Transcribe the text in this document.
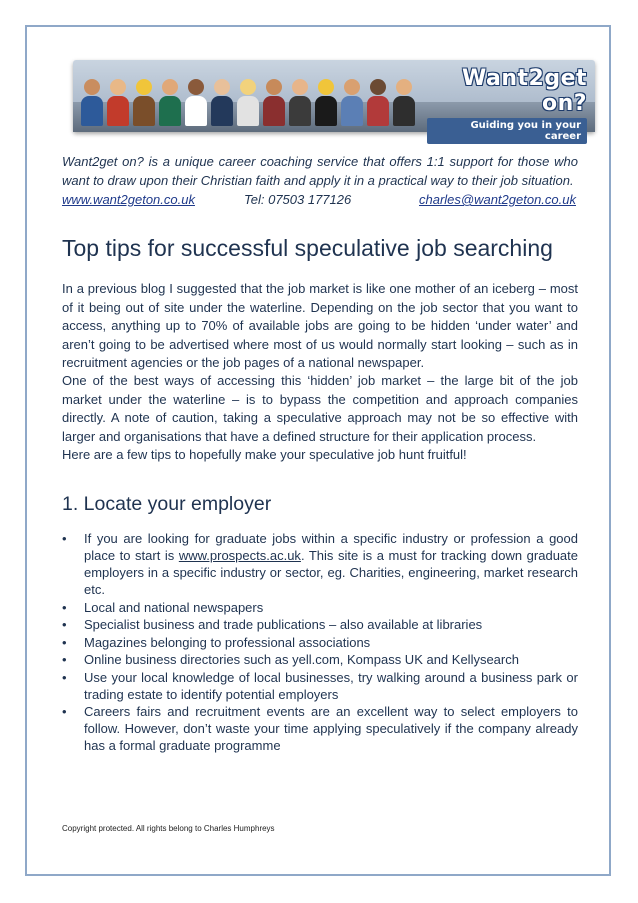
Want2get on?
Guiding you in your career
Want2get on? is a unique career coaching service that offers 1:1 support for those who want to draw upon their Christian faith and apply it in a practical way to their job situation.
www.want2geton.co.uk	Tel: 07503 177126	charles@want2geton.co.uk
Top tips for successful speculative job searching

In a previous blog I suggested that the job market is like one mother of an iceberg – most of it being out of site under the waterline. Depending on the job sector that you want to access, anything up to 70% of available jobs are going to be hidden ‘under water’ and aren’t going to be advertised where most of us would normally start looking – such as in recruitment agencies or the job pages of a national newspaper.

One of the best ways of accessing this ‘hidden’ job market – the large bit of the job market under the waterline – is to bypass the competition and approach companies directly. A note of caution, taking a speculative approach may not be so effective with larger and organisations that have a defined structure for their application process.

Here are a few tips to hopefully make your speculative job hunt fruitful!

1. Locate your employer
• If you are looking for graduate jobs within a specific industry or profession a good place to start is www.prospects.ac.uk. This site is a must for tracking down graduate employers in a specific industry or sector, eg. Charities, engineering, market research etc.
• Local and national newspapers
• Specialist business and trade publications – also available at libraries
• Magazines belonging to professional associations
• Online business directories such as yell.com, Kompass UK and Kellysearch
• Use your local knowledge of local businesses, try walking around a business park or trading estate to identify potential employers
• Careers fairs and recruitment events are an excellent way to select employers to follow. However, don’t waste your time applying speculatively if the company already has a formal graduate programme
Copyright protected. All rights belong to Charles Humphreys
